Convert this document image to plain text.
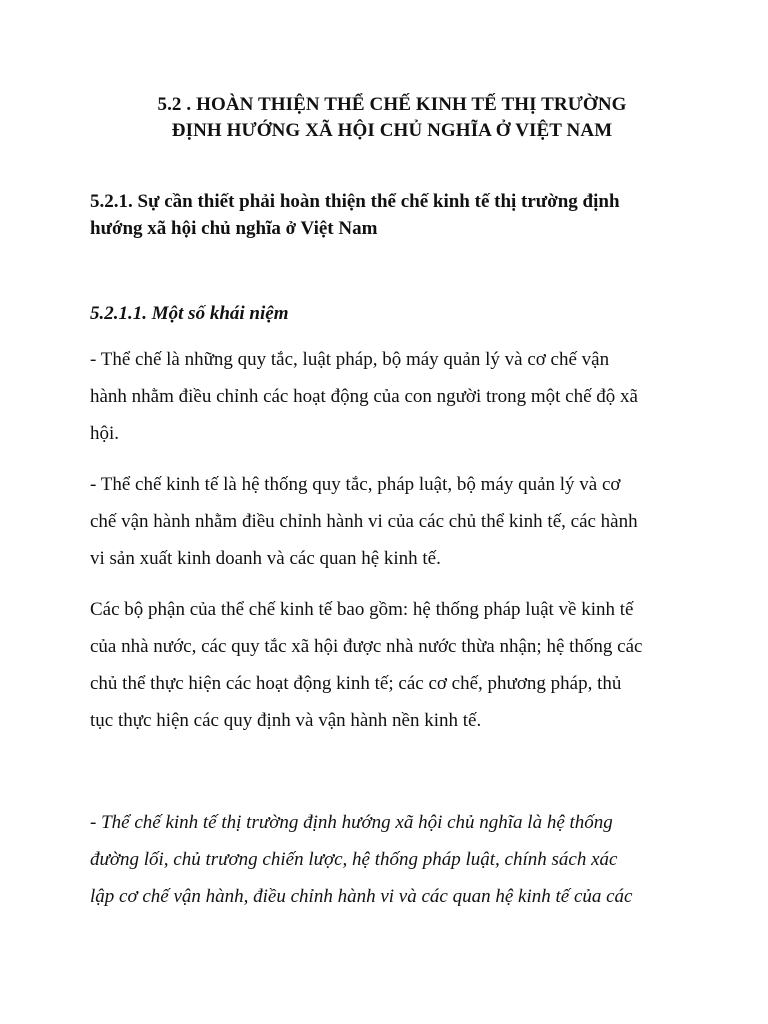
5.2 . HOÀN THIỆN THỂ CHẾ KINH TẾ THỊ TRƯỜNG
ĐỊNH HƯỚNG XÃ HỘI CHỦ NGHĨA Ở VIỆT NAM
5.2.1. Sự cần thiết phải hoàn thiện thể chế kinh tế thị trường định
hướng xã hội chủ nghĩa ở Việt Nam
5.2.1.1. Một số khái niệm
- Thể chế là những quy tắc, luật pháp, bộ máy quản lý và cơ chế vận
hành nhằm điều chỉnh các hoạt động của con người trong một chế độ xã
hội.
- Thể chế kinh tế là hệ thống quy tắc, pháp luật, bộ máy quản lý và cơ
chế vận hành nhằm điều chỉnh hành vi của các chủ thể kinh tế, các hành
vi sản xuất kinh doanh và các quan hệ kinh tế.
Các bộ phận của thể chế kinh tế bao gồm: hệ thống pháp luật về kinh tế
của nhà nước, các quy tắc xã hội được nhà nước thừa nhận; hệ thống các
chủ thể thực hiện các hoạt động kinh tế; các cơ chế, phương pháp, thủ
tục thực hiện các quy định và vận hành nền kinh tế.
- Thể chế kinh tế thị trường định hướng xã hội chủ nghĩa là hệ thống
đường lối, chủ trương chiến lược, hệ thống pháp luật, chính sách xác
lập cơ chế vận hành, điều chỉnh hành vi và các quan hệ kinh tế của các
